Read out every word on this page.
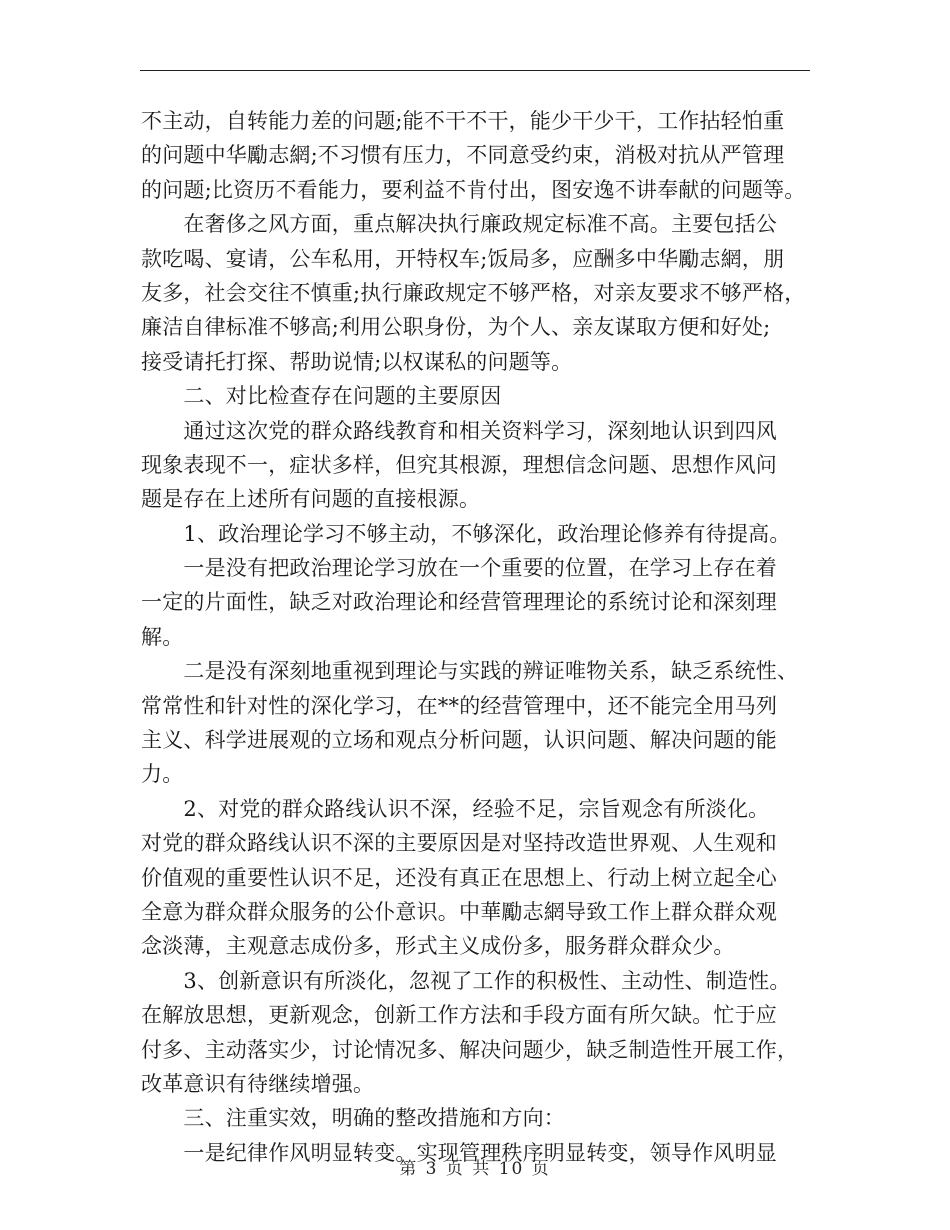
不主动，自转能力差的问题;能不干不干，能少干少干，工作拈轻怕重
的问题中华勵志網;不习惯有压力，不同意受约束，消极对抗从严管理
的问题;比资历不看能力，要利益不肯付出，图安逸不讲奉献的问题等。
　　在奢侈之风方面，重点解决执行廉政规定标准不高。主要包括公
款吃喝、宴请，公车私用，开特权车;饭局多，应酬多中华勵志網，朋
友多，社会交往不慎重;执行廉政规定不够严格，对亲友要求不够严格，
廉洁自律标准不够高;利用公职身份，为个人、亲友谋取方便和好处;
接受请托打探、帮助说情;以权谋私的问题等。
　　二、对比检查存在问题的主要原因
　　通过这次党的群众路线教育和相关资料学习，深刻地认识到四风
现象表现不一，症状多样，但究其根源，理想信念问题、思想作风问
题是存在上述所有问题的直接根源。
　　1、政治理论学习不够主动，不够深化，政治理论修养有待提高。
　　一是没有把政治理论学习放在一个重要的位置，在学习上存在着
一定的片面性，缺乏对政治理论和经营管理理论的系统讨论和深刻理
解。
　　二是没有深刻地重视到理论与实践的辨证唯物关系，缺乏系统性、
常常性和针对性的深化学习，在**的经营管理中，还不能完全用马列
主义、科学进展观的立场和观点分析问题，认识问题、解决问题的能
力。
　　2、对党的群众路线认识不深，经验不足，宗旨观念有所淡化。
对党的群众路线认识不深的主要原因是对坚持改造世界观、人生观和
价值观的重要性认识不足，还没有真正在思想上、行动上树立起全心
全意为群众群众服务的公仆意识。中華勵志網导致工作上群众群众观
念淡薄，主观意志成份多，形式主义成份多，服务群众群众少。
　　3、创新意识有所淡化，忽视了工作的积极性、主动性、制造性。
在解放思想，更新观念，创新工作方法和手段方面有所欠缺。忙于应
付多、主动落实少，讨论情况多、解决问题少，缺乏制造性开展工作，
改革意识有待继续增强。
　　三、注重实效，明确的整改措施和方向：
　　一是纪律作风明显转变。实现管理秩序明显转变，领导作风明显
第 3 页 共 10 页
